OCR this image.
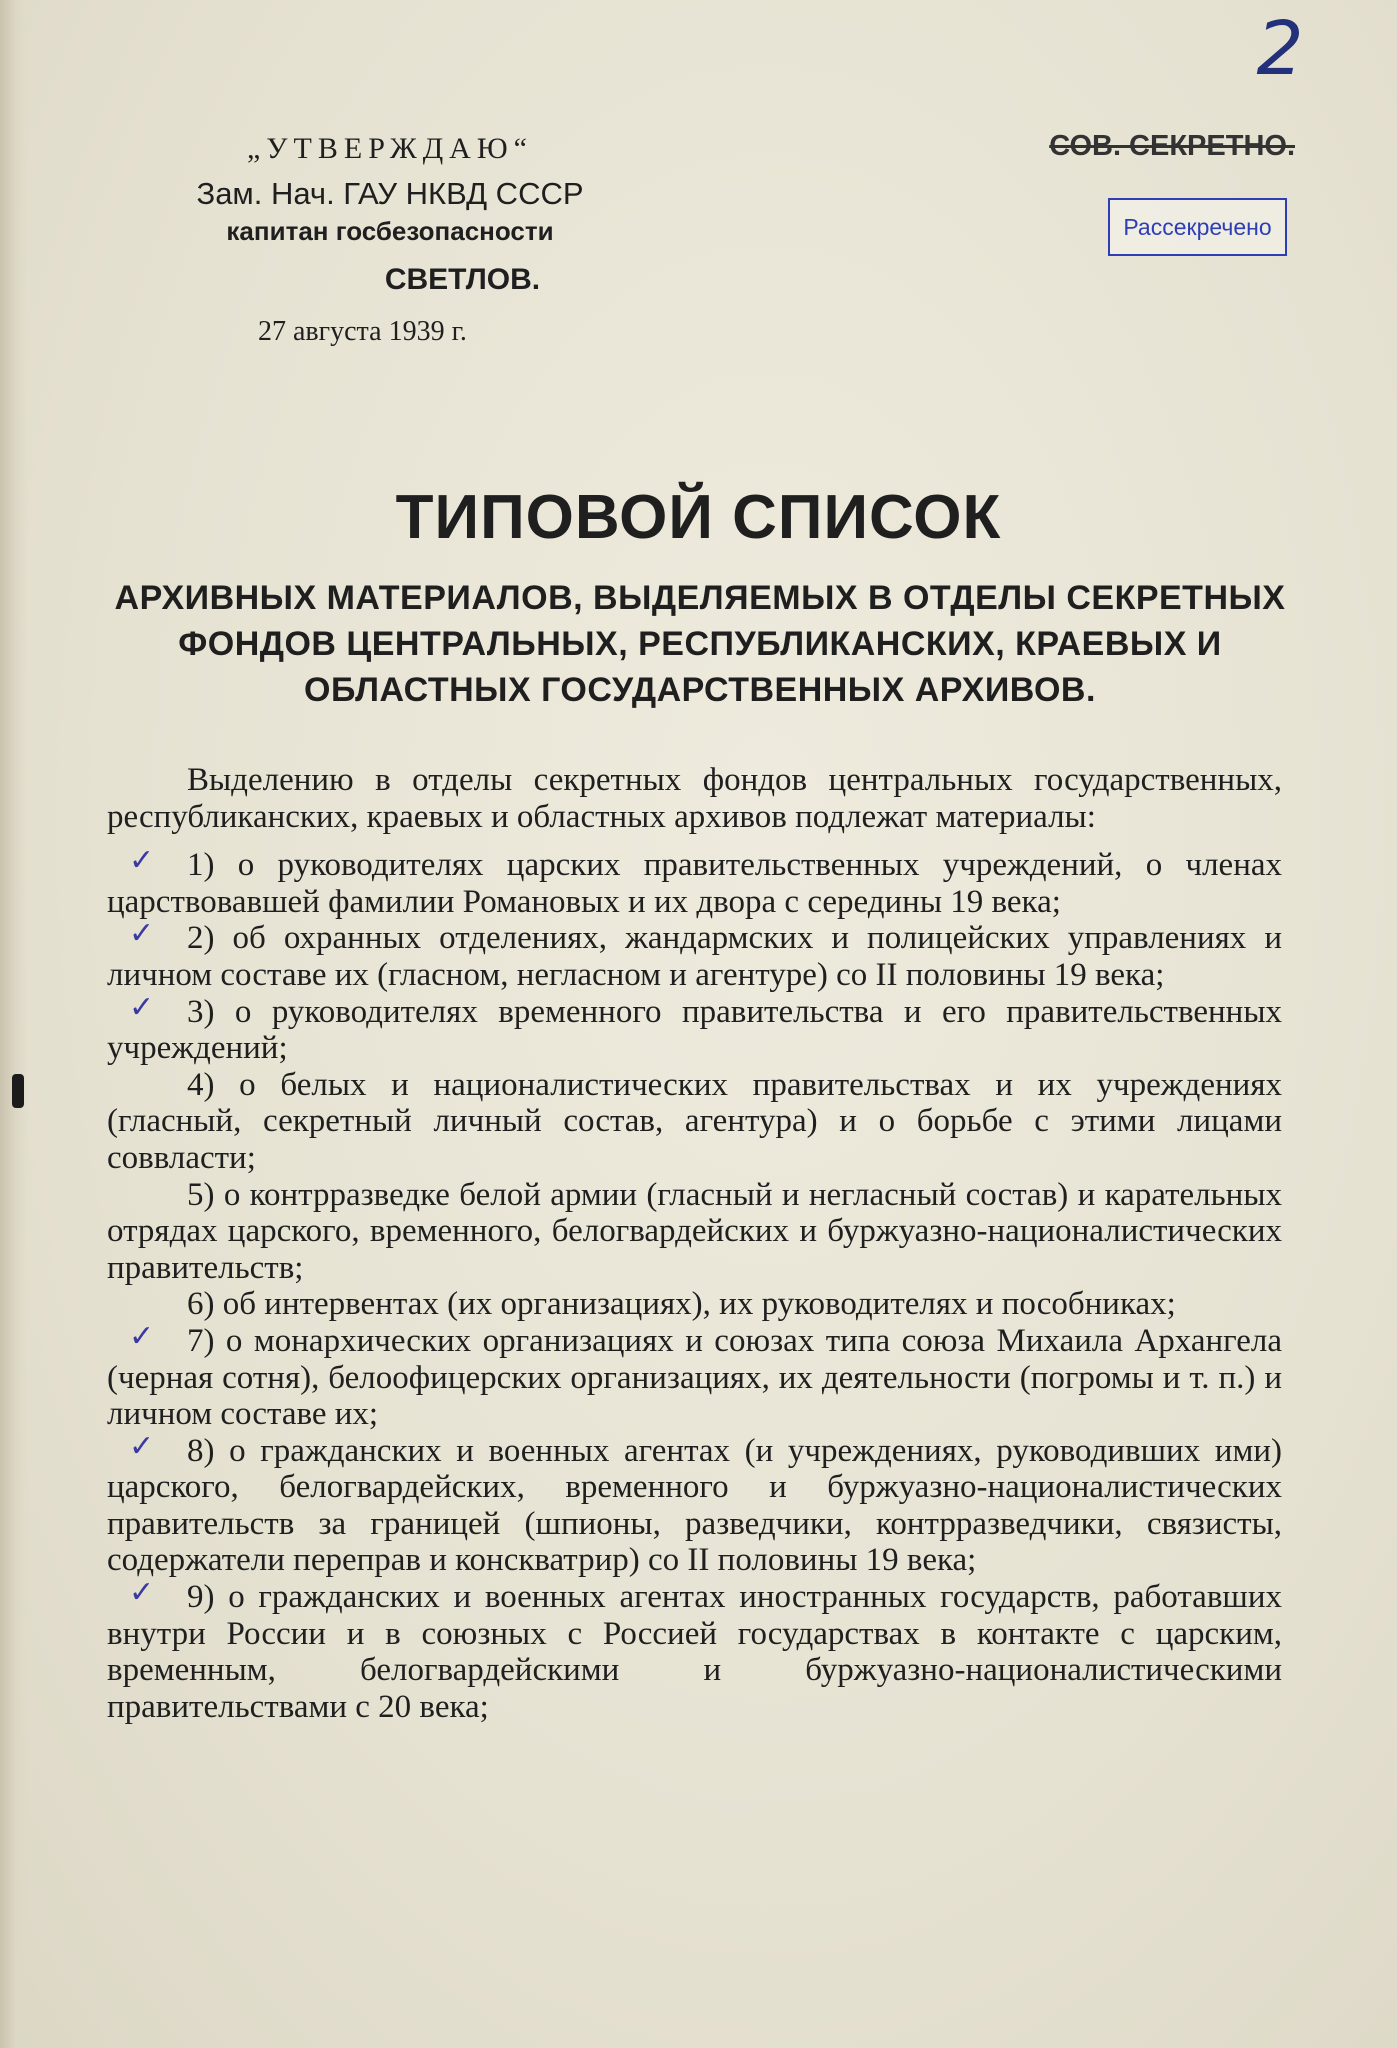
2
„УТВЕРЖДАЮ“
Зам. Нач. ГАУ НКВД СССР
капитан госбезопасности
СВЕТЛОВ.
27 августа 1939 г.
СОВ. СЕКРЕТНО.
Рассекречено
ТИПОВОЙ СПИСОК
АРХИВНЫХ МАТЕРИАЛОВ, ВЫДЕЛЯЕМЫХ В ОТДЕЛЫ СЕКРЕТНЫХ ФОНДОВ ЦЕНТРАЛЬНЫХ, РЕСПУБЛИКАНСКИХ, КРАЕВЫХ И ОБЛАСТНЫХ ГОСУДАРСТВЕННЫХ АРХИВОВ.

Выделению в отделы секретных фондов центральных государственных, республиканских, краевых и областных архивов подлежат материалы:

✓ 1) о руководителях царских правительственных учреждений, о членах царствовавшей фамилии Романовых и их двора с середины 19 века;

✓ 2) об охранных отделениях, жандармских и полицейских управлениях и личном составе их (гласном, негласном и агентуре) со II половины 19 века;

✓ 3) о руководителях временного правительства и его правительственных учреждений;

4) о белых и националистических правительствах и их учреждениях (гласный, секретный личный состав, агентура) и о борьбе с этими лицами соввласти;

5) о контрразведке белой армии (гласный и негласный состав) и карательных отрядах царского, временного, белогвардейских и буржуазно-националистических правительств;

6) об интервентах (их организациях), их руководителях и пособниках;

✓ 7) о монархических организациях и союзах типа союза Михаила Архангела (черная сотня), белоофицерских организациях, их деятельности (погромы и т. п.) и личном составе их;

✓ 8) о гражданских и военных агентах (и учреждениях, руководивших ими) царского, белогвардейских, временного и буржуазно-националистических правительств за границей (шпионы, разведчики, контрразведчики, связисты, содержатели переправ и конскватрир) со II половины 19 века;

✓ 9) о гражданских и военных агентах иностранных государств, работавших внутри России и в союзных с Россией государствах в контакте с царским, временным, белогвардейскими и буржуазно-националистическими правительствами с 20 века;
